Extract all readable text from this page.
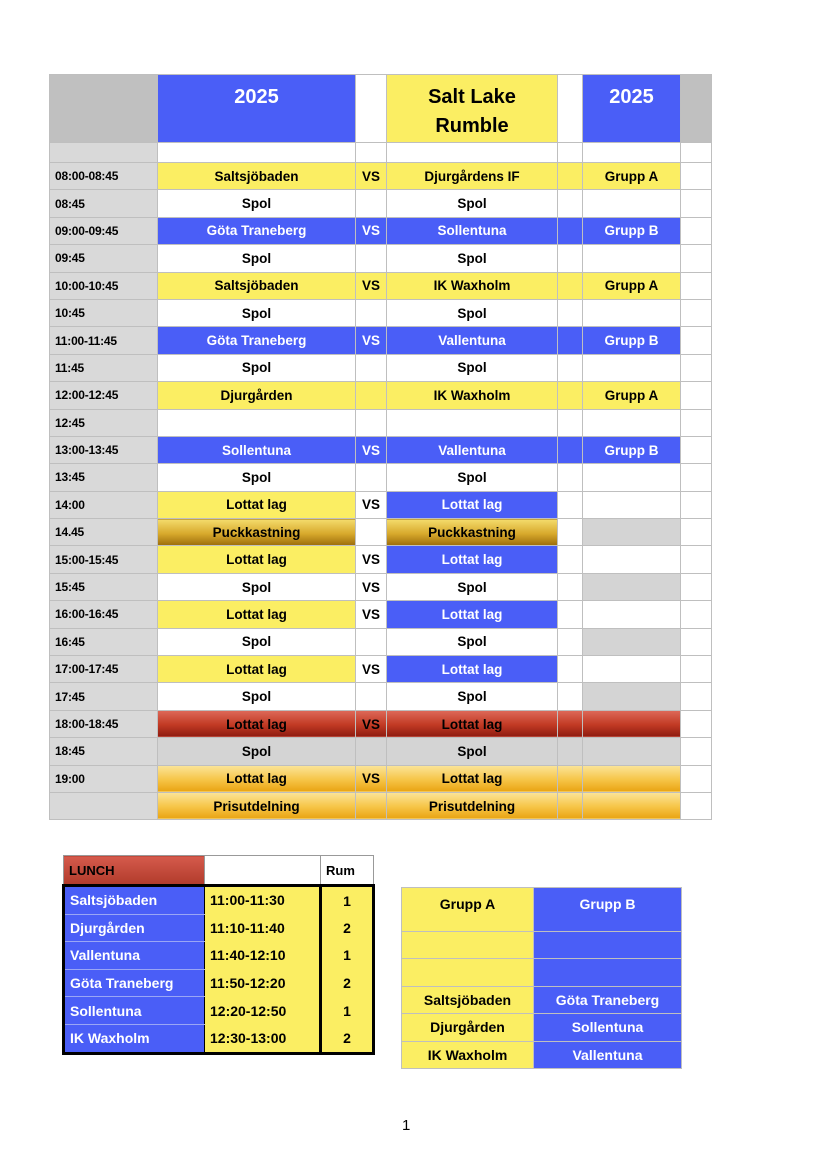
	2025		Salt Lake
Rumble		2025	

08:00-08:45	Saltsjöbaden	VS	Djurgårdens IF		Grupp A	
08:45	Spol		Spol			
09:00-09:45	Göta Traneberg	VS	Sollentuna		Grupp B	
09:45	Spol		Spol			
10:00-10:45	Saltsjöbaden	VS	IK Waxholm		Grupp A	
10:45	Spol		Spol			
11:00-11:45	Göta Traneberg	VS	Vallentuna		Grupp B	
11:45	Spol		Spol			
12:00-12:45	Djurgården		IK Waxholm		Grupp A	
12:45						
13:00-13:45	Sollentuna	VS	Vallentuna		Grupp B	
13:45	Spol		Spol			
14:00	Lottat lag	VS	Lottat lag			
14.45	Puckkastning		Puckkastning			
15:00-15:45	Lottat lag	VS	Lottat lag			
15:45	Spol	VS	Spol			
16:00-16:45	Lottat lag	VS	Lottat lag			
16:45	Spol		Spol			
17:00-17:45	Lottat lag	VS	Lottat lag			
17:45	Spol		Spol			
18:00-18:45	Lottat lag	VS	Lottat lag			
18:45	Spol		Spol			
19:00	Lottat lag	VS	Lottat lag			
	Prisutdelning		Prisutdelning			
LUNCH		Rum
Saltsjöbaden	11:00-11:30	1
Djurgården	11:10-11:40	2
Vallentuna	11:40-12:10	1
Göta Traneberg	11:50-12:20	2
Sollentuna	12:20-12:50	1
IK Waxholm	12:30-13:00	2
Grupp A	Grupp B

Saltsjöbaden	Göta Traneberg
Djurgården	Sollentuna
IK Waxholm	Vallentuna
1
